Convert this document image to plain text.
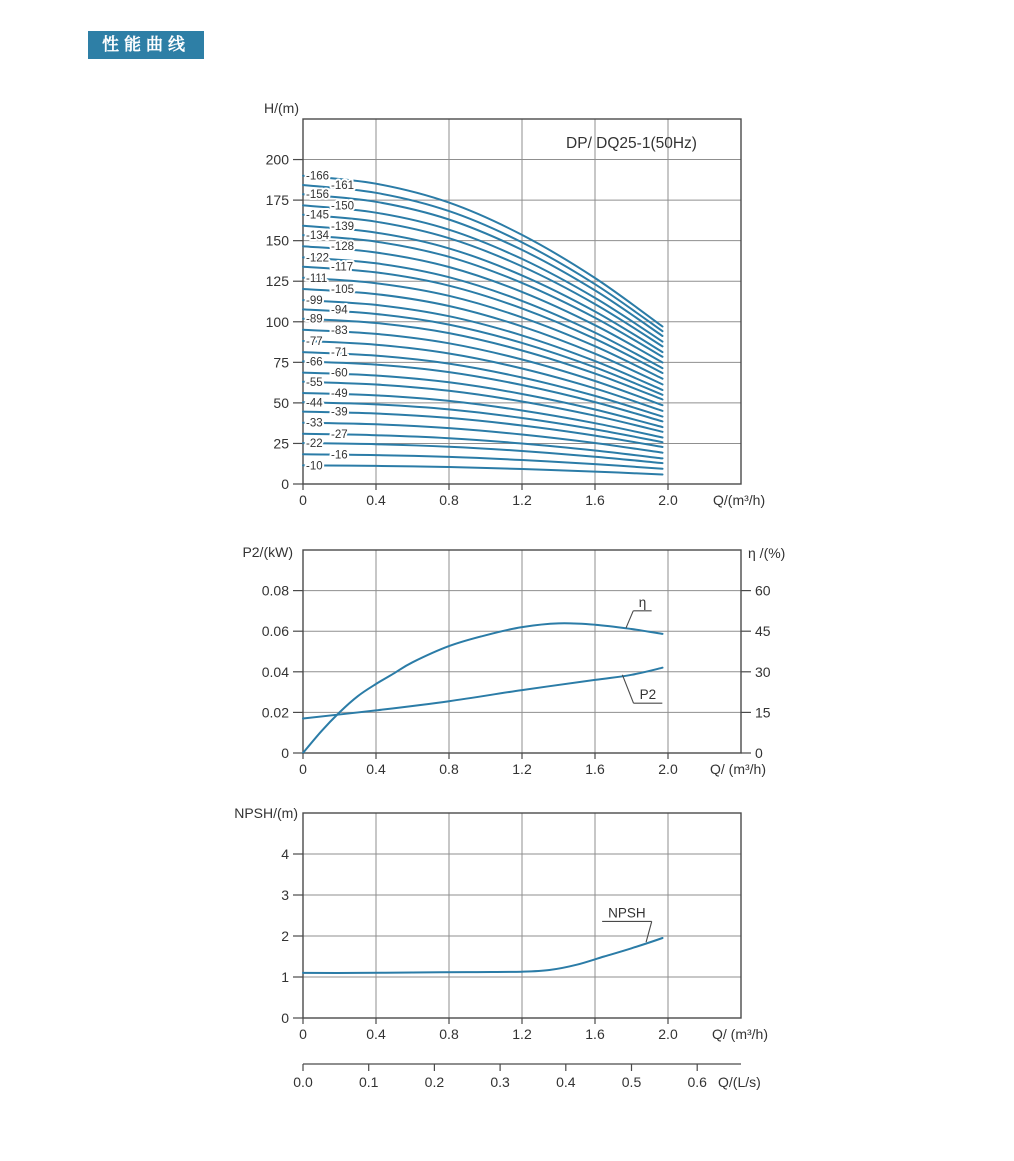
性能曲线
DP/ DQ25-1(50Hz)
H/(m)
0
25
50
75
100
125
150
175
200
-166
-161
-156
-150
-145
-139
-134
-128
-122
-117
-111
-105
-99
-94
-89
-83
-77
-71
-66
-60
-55
-49
-44
-39
-33
-27
-22
-16
-10
0	0.4	0.8	1.2	1.6	2.0	Q/(m³/h)
P2/(kW)	η /(%)
0
0.02
0.04
0.06
0.08
0
15
30
45
60
η
P2
0	0.4	0.8	1.2	1.6	2.0 Q/ (m³/h)
NPSH/(m)
0
1
2
3
4
NPSH
0	0.4	0.8	1.2	1.6	2.0 Q/ (m³/h)
0.0	0.1	0.2	0.3	0.4	0.5	0.6 Q/(L/s)
